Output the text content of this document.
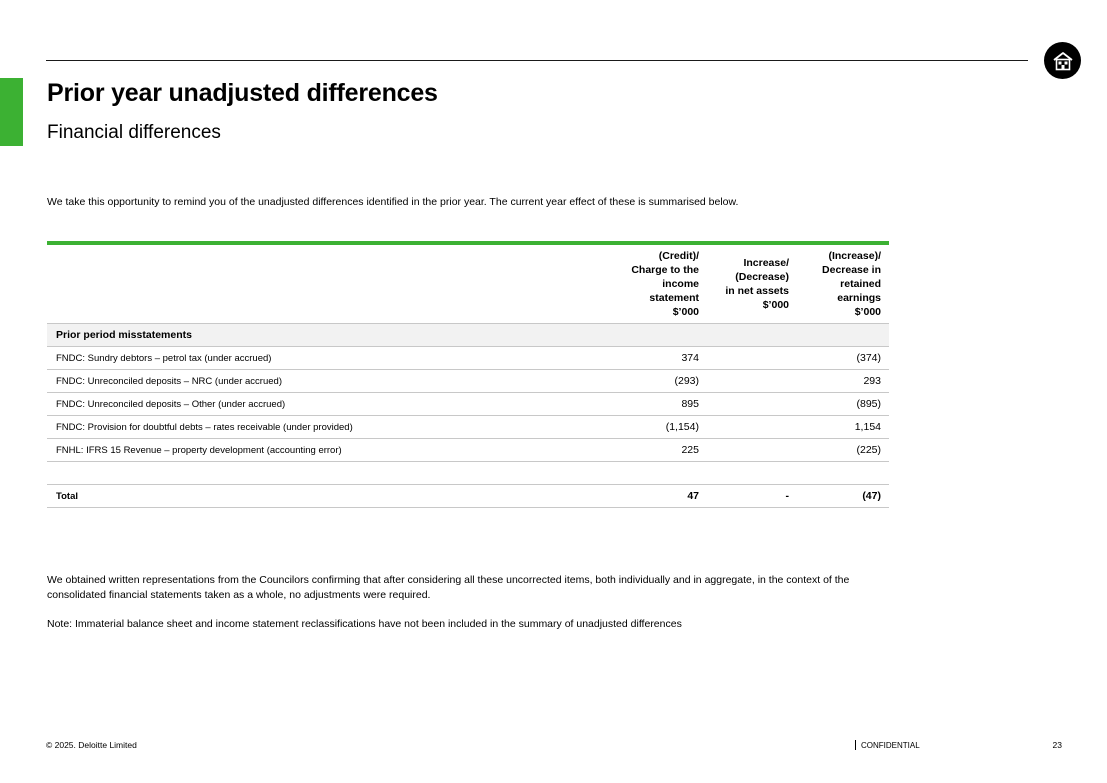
Prior year unadjusted differences
Financial differences
We take this opportunity to remind you of the unadjusted differences identified in the prior year. The current year effect of these is summarised below.
	(Credit)/
Charge to the
income
statement
$’000	Increase/
(Decrease)
in net assets
$’000	(Increase)/
Decrease in
retained
earnings
$’000
Prior period misstatements			
FNDC: Sundry debtors – petrol tax (under accrued)	374		(374)
FNDC: Unreconciled deposits – NRC (under accrued)	(293)		293
FNDC: Unreconciled deposits – Other (under accrued)	895		(895)
FNDC: Provision for doubtful debts – rates receivable (under provided)	(1,154)		1,154
FNHL: IFRS 15 Revenue – property development (accounting error)	225		(225)

Total	47	-	(47)

We obtained written representations from the Councilors confirming that after considering all these uncorrected items, both individually and in aggregate, in the context of the consolidated financial statements taken as a whole, no adjustments were required.

Note: Immaterial balance sheet and income statement reclassifications have not been included in the summary of unadjusted differences

© 2025. Deloitte Limited	CONFIDENTIAL	23
